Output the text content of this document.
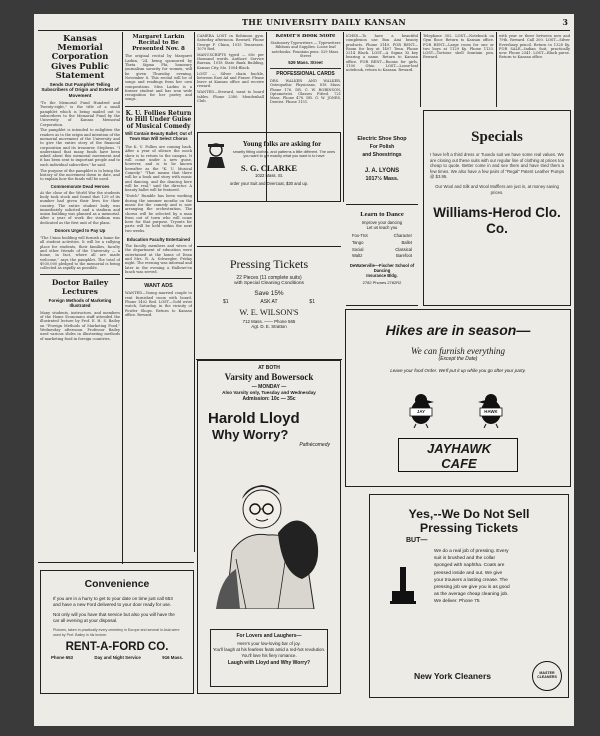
THE UNIVERSITY DAILY KANSAN	3
Kansas Memorial Corporation Gives Public Statement
Sends Out Pamphlet Telling Subscribers of Origin and Extent of Movement

"To the Memorial Fund Hundred and Twenty-eight," is the title of a small pamphlet which is being mailed out to subscribers to the Memorial Fund by the University of Kansas Memorial Corporation.

The pamphlet is intended to enlighten the readers as to the origin and intention of the memorial movement of the University and to give the entire story of the financial corporation and its treasurer, Stephens. "I understand that many funds have been asked about this memorial movement and it has been sent to important people and to each individual subscriber," he said.

The purpose of the pamphlet is to bring the history of the movement down to date, and to explain how the funds will be used.

Commemorate Dead Heroes
At the close of the World War the students body took stock and found that 129 of its number had given their lives for their country. The entire student body was immediately solicited and a stadium and union building was planned as a memorial. After a year of work the stadium was dedicated as the first unit of the plans.
Donors Urged to Pay Up
"The Union building will furnish a home for all student activities. It will be a rallying place for students, their families, faculty and other friends of the University — a home, in fact, where all are made welcome," says the pamphlet. The total of $930,000 pledged to the memorial is being collected as rapidly as possible.
Doctor Bailey Lectures
Foreign Methods of Marketing Illustrated
Many students, instructors, and members of the Home Economics staff attended the illustrated lecture by Prof. E. H. S. Bailey on "Foreign Methods of Marketing Food," Wednesday afternoon. Professor Bailey used various slides in illustrating methods of marketing food in foreign countries.
Margaret Larkin Recital to Be Presented Nov. 8
The original recital by Margaret Larkin, '24, being sponsored by Theta Sigma Phi, honorary journalism sorority for women, will be given Thursday evening, November 8. This recital will be of songs and readings from her own compositions. Miss Larkin is a former student and has won wide recognition for her poetry and songs.
K. U. Follies Return to Hill Under Guise of Musical Comedy
Will Contain Beauty Ballet; Out of Town Man Will Select Chorus
The K. U. Follies are coming back. After a year of silence the mock show is to return to the campus. It will come under a new guise, however, and is to be known hereafter as the "K. U. Musical Comedy." "That means that there will be a book and story with music and dancing, and the dancing here will be real," said the director. A beauty ballet will be featured.
"Dutch" Rumble has been working during the summer months on the music for the comedy and is now arranging the orchestration. The chorus will be selected by a man from out of town who will come here for that purpose. Tryouts for parts will be held within the next two weeks.
Education Faculty Entertained
The faculty members and wives of the department of education were entertained at the home of Dean and Mrs. R. A. Schwegler, Friday night. The evening was informal and later in the evening a Hallowe'en lunch was served.
WANT ADS
WANTED—Young married couple to rent furnished room with board. Phone 1402 Red. LOST—Gold wrist watch, Saturday, in the vicinity of Fowler Shops. Return to Kansan office. Reward.

CAMERA LOST in Robinson gym. Saturday afternoon. Reward. Phone George F. Chinn, 1015 Tennessee. 1079 Red.

MANUSCRIPTS typed — 60c per thousand words. Authors' Service Bureau, 1018 State Bank Building, Kansas City, Mo. 1004-Black.

LOST — Silver chain buckle, between East Ad and Fraser. Please leave at Kansan office and receive reward.

WANTED—Steward, meat to board tables. Phone 2380. Mendenhall Club.

Kester's Book Store
Stationery Typewriters — Typewriters Ribbons and Supplies. Loose leaf notebooks. Fountain pens. 529 Mass. Street
529 Mass. Street
PROFESSIONAL CARDS
DRS. WALKER AND WALKER, Osteopathic Physicians. 818 Mass. Phone 176. DR. C. W. ROBINSON, Optometrist. Glasses Fitted. 721 Mass. Phone 478. DR. G. W. JONES, Dentist. Phone 1151.
ICHES—To have a beautiful complexion use Bon Ami beauty products. Phone 3149. FOR RENT—Room for boy at 1407 Tenn. Phone 2214 Black. LOST—A Sigma Xi key bearing a name. Return to Kansan office. FOR RENT—Rooms for girls, 1100 Ohio. LOST—Loose-leaf notebook, return to Kansan. Reward.
Telephone 302. LOST—Notebook on Gym floor. Return to Kansan office. FOR RENT—Large room for one or two boys at 1129 Ky. Phone 1133. LOST—Tortoise shell fountain pen. Reward.
with year or three between now and 79th. Reward. Call 200. LOST—Silver Eversharp pencil. Return to 1328 Ky. FOR SALE—Indian Suit, practically new. Phone 2341. LOST—Black purse. Return to Kansan office.
Young folks are asking for
smartly fitting clothes, and patterns a little different. The ones you want to get exactly what you want is to have
S. G. CLARKE
1022 Mass. St.
order your Suit and Overcoat, $30 and up.
Electric Shoe Shop
For Polish
and Shoestrings
J. A. LYONS
1017½ Mass.
Specials
I have left a third dress or Tuxedo suit we have some real values. We are closing out these suits with our regular line of clothing at prices too cheap to quote. Better come in and see them and have tried them a few times. We also have a few pairs of "Regal" Patent Leather Pumps @ $3.95.
Our Wool and Silk and Wool Mufflers are just in, at money saving prices.
Williams-Herod Clo. Co.
Learn to Dance
Improve your dancing
Let us teach you
Fox-Trot
Tango
Social
Waltz
Character
Ballet
Classical
Barefoot
DeWaterville—Fischer School of Dancing
Insurance Bldg.
2782 Phones 2782R2
Pressing Tickets
22 Pieces (11 complete suits)
with Special Cleaning Conditions
Save 15%
$1	ASK AT	$1
W. E. WILSON'S
712 Mass. —— Phone 565
Agt. D. E. Stratton	Hikes are in season—
We can furnish everything
(Except the Date)
Leave your food Order. We'll put it up while you go after your party.
JAY	HAWK
JAYHAWK CAFE
AT BOTH
Varsity and Bowersock
— MONDAY —
Also Varsity only, Tuesday and Wednesday
Admission: 10c — 35c
Harold Lloyd
Why Worry?
Pathécomedy
For Lovers and Laughers—
Here's your low-loving bar of joy.
You'll laugh at his fearless feats amid a red-hot revolution.
You'll love his fiery romance.
Laugh with Lloyd and Why Worry?
Yes,--We Do Not Sell
Pressing Tickets
BUT—
We do a real job of pressing. Every suit is brushed and the collar sponged with naphtha. Coats are pressed inside and out. We give your trousers a lasting crease. The pressing job we give you is as good as the average cheap cleaning job. We deliver. Phone 75
New York Cleaners	MASTER CLEANERS
Convenience
If you are in a hurry to get to your date on time just call 653 and have a new Ford delivered to your door ready for use.
Not only will you have that service but also you will have the car all evening at your disposal.
Pictures, taken in practically every cemetery in Europe and several in Asia were used by Prof. Bailey in his lecture.
RENT-A-FORD CO.
Phone 653	Day and Night Service	916 Mass.
